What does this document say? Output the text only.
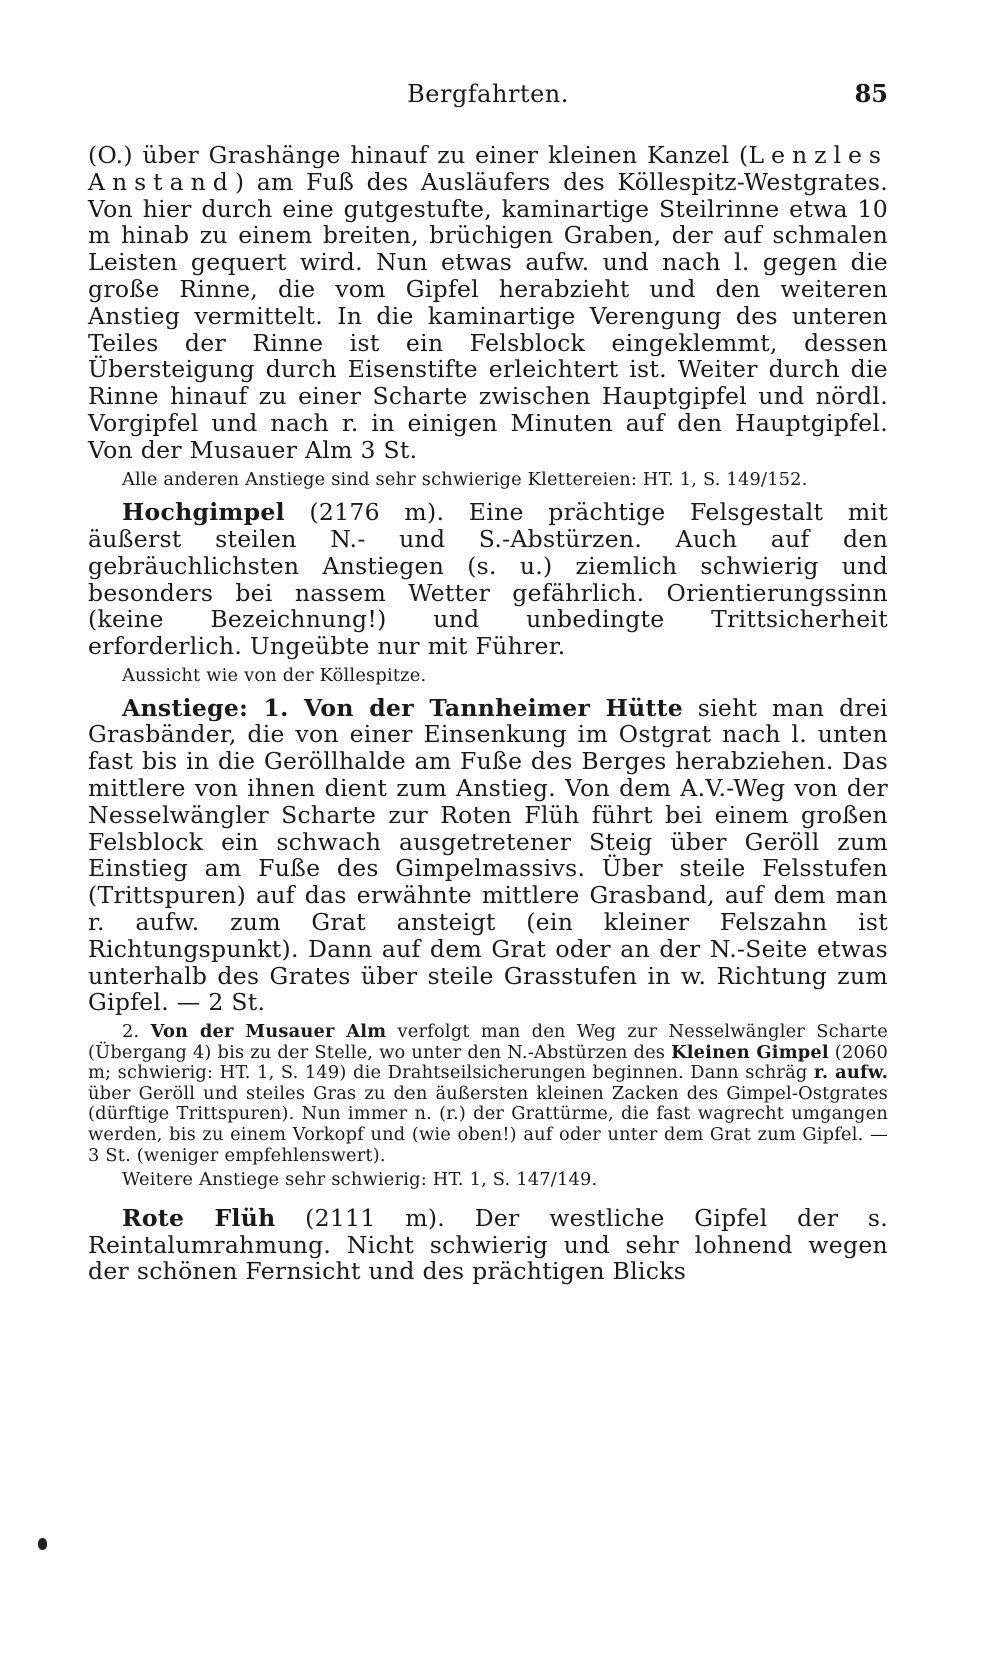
Bergfahrten.	85

(O.) über Grashänge hinauf zu einer kleinen Kanzel (Lenzles Anstand) am Fuß des Ausläufers des Köllespitz-Westgrates. Von hier durch eine gutgestufte, kaminartige Steilrinne etwa 10 m hinab zu einem breiten, brüchigen Graben, der auf schmalen Leisten gequert wird. Nun etwas aufw. und nach l. gegen die große Rinne, die vom Gipfel herabzieht und den weiteren Anstieg vermittelt. In die kaminartige Verengung des unteren Teiles der Rinne ist ein Felsblock eingeklemmt, dessen Übersteigung durch Eisenstifte erleichtert ist. Weiter durch die Rinne hinauf zu einer Scharte zwischen Hauptgipfel und nördl. Vorgipfel und nach r. in einigen Minuten auf den Hauptgipfel. Von der Musauer Alm 3 St.

Alle anderen Anstiege sind sehr schwierige Klettereien: HT. 1, S. 149/152.

Hochgimpel (2176 m). Eine prächtige Felsgestalt mit äußerst steilen N.- und S.-Abstürzen. Auch auf den gebräuchlichsten Anstiegen (s. u.) ziemlich schwierig und besonders bei nassem Wetter gefährlich. Orientierungssinn (keine Bezeichnung!) und unbedingte Trittsicherheit erforderlich. Ungeübte nur mit Führer.

Aussicht wie von der Köllespitze.

Anstiege: 1. Von der Tannheimer Hütte sieht man drei Grasbänder, die von einer Einsenkung im Ostgrat nach l. unten fast bis in die Geröllhalde am Fuße des Berges herabziehen. Das mittlere von ihnen dient zum Anstieg. Von dem A.V.-Weg von der Nesselwängler Scharte zur Roten Flüh führt bei einem großen Felsblock ein schwach ausgetretener Steig über Geröll zum Einstieg am Fuße des Gimpelmassivs. Über steile Felsstufen (Trittspuren) auf das erwähnte mittlere Grasband, auf dem man r. aufw. zum Grat ansteigt (ein kleiner Felszahn ist Richtungspunkt). Dann auf dem Grat oder an der N.-Seite etwas unterhalb des Grates über steile Grasstufen in w. Richtung zum Gipfel. — 2 St.

2. Von der Musauer Alm verfolgt man den Weg zur Nesselwängler Scharte (Übergang 4) bis zu der Stelle, wo unter den N.-Abstürzen des Kleinen Gimpel (2060 m; schwierig: HT. 1, S. 149) die Drahtseilsicherungen beginnen. Dann schräg r. aufw. über Geröll und steiles Gras zu den äußersten kleinen Zacken des Gimpel-Ostgrates (dürftige Trittspuren). Nun immer n. (r.) der Grattürme, die fast wagrecht umgangen werden, bis zu einem Vorkopf und (wie oben!) auf oder unter dem Grat zum Gipfel. — 3 St. (weniger empfehlenswert).

Weitere Anstiege sehr schwierig: HT. 1, S. 147/149.

Rote Flüh (2111 m). Der westliche Gipfel der s. Reintalumrahmung. Nicht schwierig und sehr lohnend wegen der schönen Fernsicht und des prächtigen Blicks
